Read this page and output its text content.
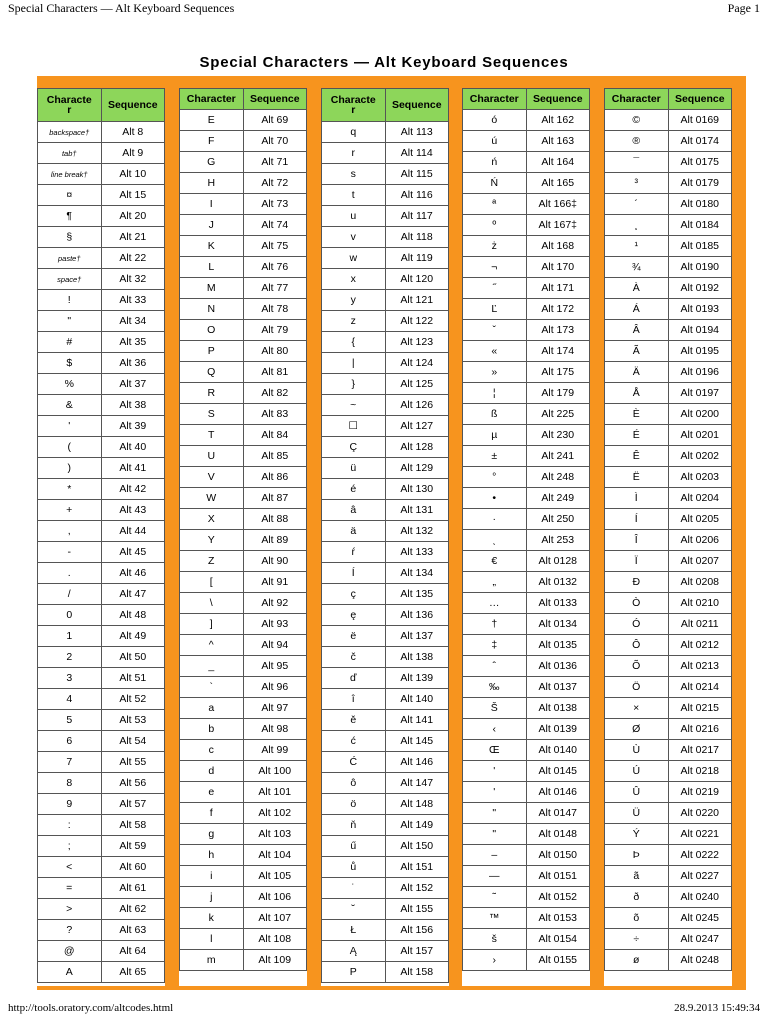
Special Characters — Alt Keyboard Sequences	Page 1
Special Characters — Alt Keyboard Sequences
Characte
r	Sequence
backspace†	Alt 8
tab†	Alt 9
line break†	Alt 10
¤	Alt 15
¶	Alt 20
§	Alt 21
paste†	Alt 22
space†	Alt 32
!	Alt 33
"	Alt 34
#	Alt 35
$	Alt 36
%	Alt 37
&	Alt 38
'	Alt 39
(	Alt 40
)	Alt 41
*	Alt 42
+	Alt 43
,	Alt 44
-	Alt 45
.	Alt 46
/	Alt 47
0	Alt 48
1	Alt 49
2	Alt 50
3	Alt 51
4	Alt 52
5	Alt 53
6	Alt 54
7	Alt 55
8	Alt 56
9	Alt 57
:	Alt 58
;	Alt 59
<	Alt 60
=	Alt 61
>	Alt 62
?	Alt 63
@	Alt 64
A	Alt 65
Character	Sequence
E	Alt 69
F	Alt 70
G	Alt 71
H	Alt 72
I	Alt 73
J	Alt 74
K	Alt 75
L	Alt 76
M	Alt 77
N	Alt 78
O	Alt 79
P	Alt 80
Q	Alt 81
R	Alt 82
S	Alt 83
T	Alt 84
U	Alt 85
V	Alt 86
W	Alt 87
X	Alt 88
Y	Alt 89
Z	Alt 90
[	Alt 91
\	Alt 92
]	Alt 93
^	Alt 94
_	Alt 95
`	Alt 96
a	Alt 97
b	Alt 98
c	Alt 99
d	Alt 100
e	Alt 101
f	Alt 102
g	Alt 103
h	Alt 104
i	Alt 105
j	Alt 106
k	Alt 107
l	Alt 108
m	Alt 109
Characte
r	Sequence
q	Alt 113
r	Alt 114
s	Alt 115
t	Alt 116
u	Alt 117
v	Alt 118
w	Alt 119
x	Alt 120
y	Alt 121
z	Alt 122
{	Alt 123
|	Alt 124
}	Alt 125
~	Alt 126
☐	Alt 127
Ç	Alt 128
ü	Alt 129
é	Alt 130
â	Alt 131
ä	Alt 132
ŕ	Alt 133
Í	Alt 134
ç	Alt 135
ę	Alt 136
ë	Alt 137
č	Alt 138
ď	Alt 139
î	Alt 140
ě	Alt 141
ć	Alt 145
Ć	Alt 146
ô	Alt 147
ö	Alt 148
ň	Alt 149
ű	Alt 150
ů	Alt 151
˙	Alt 152
˘	Alt 155
Ł	Alt 156
Ą	Alt 157
P	Alt 158
Character	Sequence
ó	Alt 162
ú	Alt 163
ń	Alt 164
Ń	Alt 165
ª	Alt 166‡
º	Alt 167‡
ż	Alt 168
¬	Alt 170
˝	Alt 171
Ľ	Alt 172
ˇ	Alt 173
«	Alt 174
»	Alt 175
¦	Alt 179
ß	Alt 225
µ	Alt 230
±	Alt 241
°	Alt 248
•	Alt 249
·	Alt 250
ˎ	Alt 253
€	Alt 0128
„	Alt 0132
…	Alt 0133
†	Alt 0134
‡	Alt 0135
ˆ	Alt 0136
‰	Alt 0137
Š	Alt 0138
‹	Alt 0139
Œ	Alt 0140
'	Alt 0145
'	Alt 0146
"	Alt 0147
"	Alt 0148
–	Alt 0150
—	Alt 0151
˜	Alt 0152
™	Alt 0153
š	Alt 0154
›	Alt 0155
Character	Sequence
©	Alt 0169
®	Alt 0174
¯	Alt 0175
³	Alt 0179
´	Alt 0180
¸	Alt 0184
¹	Alt 0185
¾	Alt 0190
À	Alt 0192
Á	Alt 0193
Â	Alt 0194
Ã	Alt 0195
Ä	Alt 0196
Å	Alt 0197
È	Alt 0200
É	Alt 0201
Ê	Alt 0202
Ë	Alt 0203
Ì	Alt 0204
Í	Alt 0205
Î	Alt 0206
Ï	Alt 0207
Ð	Alt 0208
Ò	Alt 0210
Ó	Alt 0211
Ô	Alt 0212
Õ	Alt 0213
Ö	Alt 0214
×	Alt 0215
Ø	Alt 0216
Ù	Alt 0217
Ú	Alt 0218
Û	Alt 0219
Ü	Alt 0220
Ý	Alt 0221
Þ	Alt 0222
ã	Alt 0227
ð	Alt 0240
õ	Alt 0245
÷	Alt 0247
ø	Alt 0248
http://tools.oratory.com/altcodes.html	28.9.2013 15:49:34
